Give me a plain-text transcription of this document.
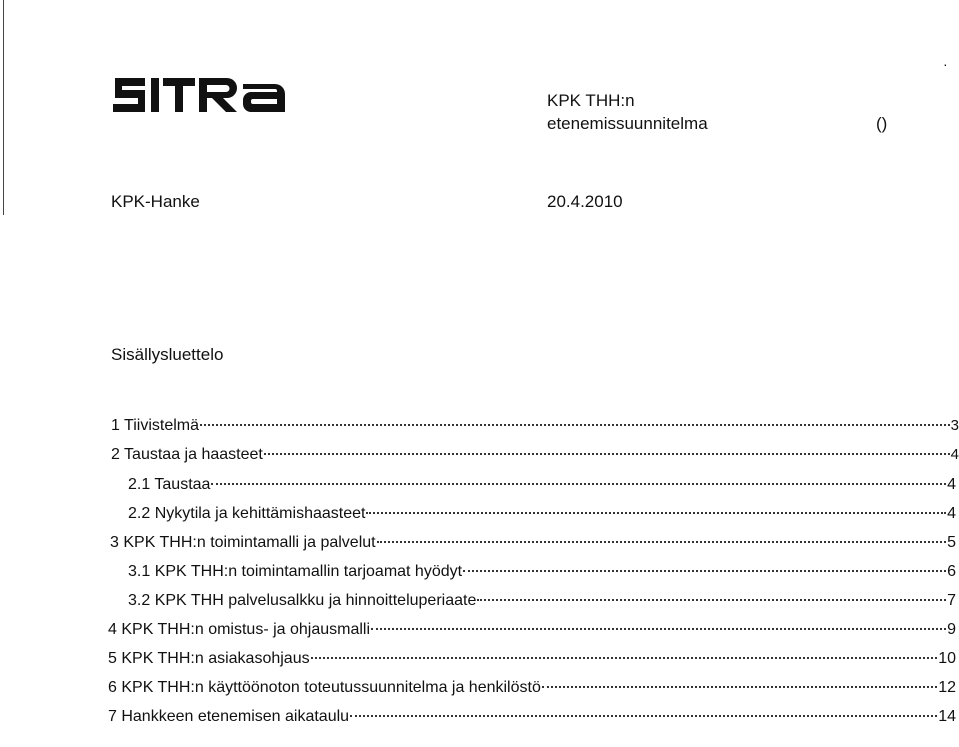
·
KPK THH:n
etenemissuunnitelma	()
KPK-Hanke	20.4.2010
Sisällysluettelo
1 Tiivistelmä	3
2 Taustaa ja haasteet	4
2.1 Taustaa	4
2.2 Nykytila ja kehittämishaasteet	4
3 KPK THH:n toimintamalli ja palvelut	5
3.1 KPK THH:n toimintamallin tarjoamat hyödyt	6
3.2 KPK THH palvelusalkku ja hinnoitteluperiaate	7
4 KPK THH:n omistus- ja ohjausmalli	9
5 KPK THH:n asiakasohjaus	10
6 KPK THH:n käyttöönoton toteutussuunnitelma ja henkilöstö	12
7 Hankkeen etenemisen aikataulu	14
